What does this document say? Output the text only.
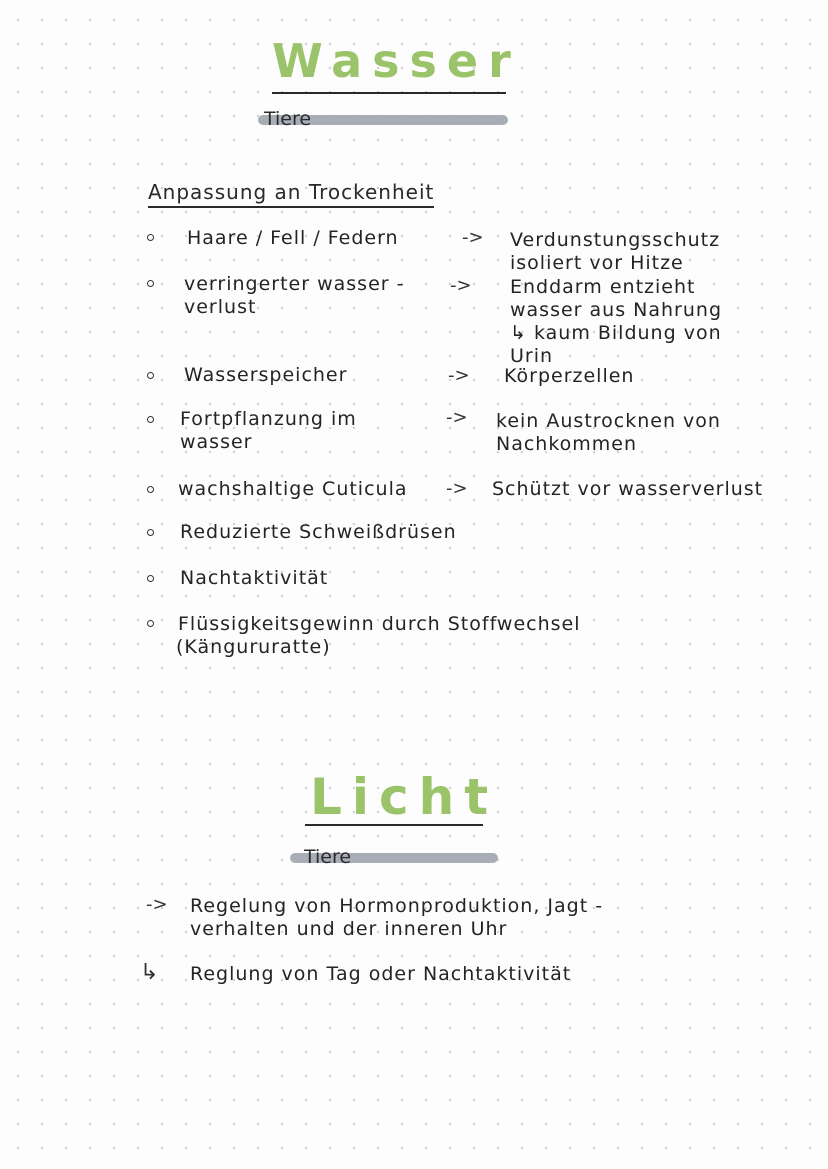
Wasser
Tiere
Anpassung an Trockenheit
Haare / Fell / Federn	-> Verdunstungsschutz
isoliert vor Hitze
verringerter wasser -
verlust
-> Enddarm entzieht
wasser aus Nahrung
↳ kaum Bildung von
Urin
Wasserspeicher	-> Körperzellen
Fortpflanzung im
wasser
-> kein Austrocknen von
Nachkommen
wachshaltige Cuticula -> Schützt vor wasserverlust
Reduzierte Schweißdrüsen
Nachtaktivität
Flüssigkeitsgewinn durch Stoffwechsel
(Kängururatte)
Licht
Tiere
-> Regelung von Hormonproduktion, Jagt -
verhalten und der inneren Uhr
↳ Reglung von Tag oder Nachtaktivität
